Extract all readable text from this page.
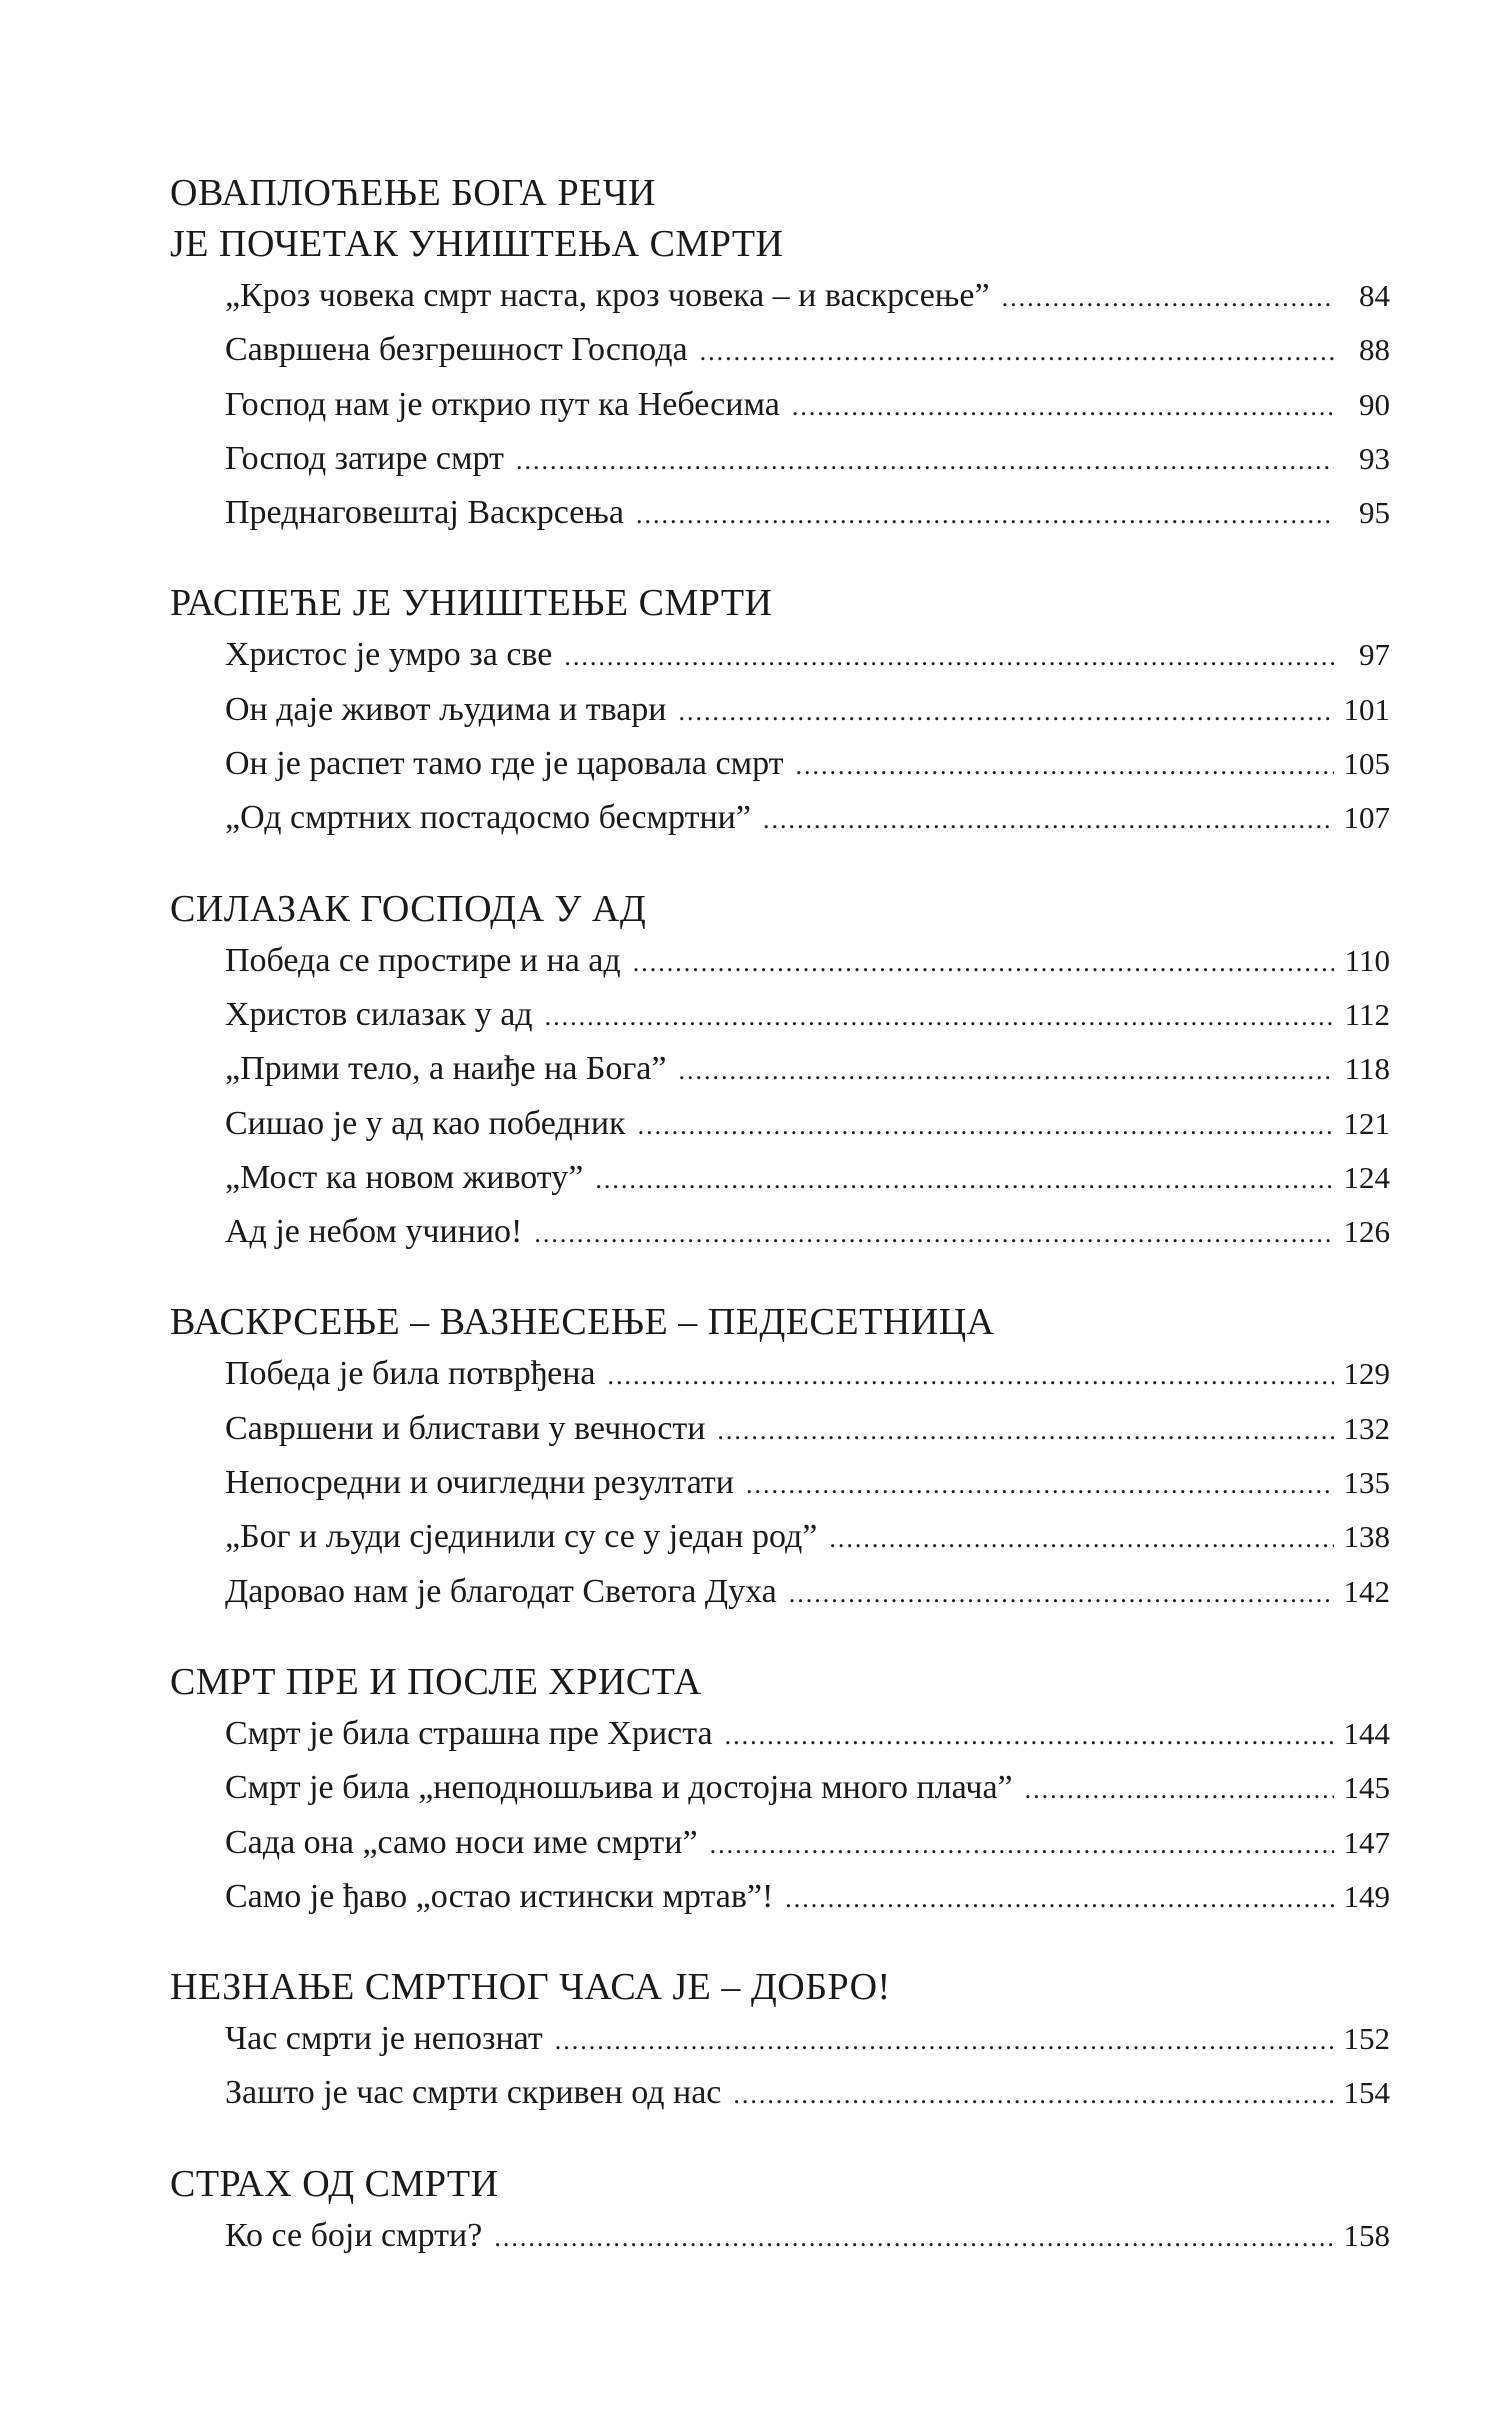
ОВАПЛОЋЕЊЕ БОГА РЕЧИ
ЈЕ ПОЧЕТАК УНИШТЕЊА СМРТИ
„Кроз човека смрт наста, кроз човека – и васкрсење” .....	84
Савршена безгрешност Господа .....	88
Господ нам је открио пут ка Небесима .....	90
Господ затире смрт .....	93
Преднаговештај Васкрсења .....	95
РАСПЕЋЕ ЈЕ УНИШТЕЊЕ СМРТИ
Христос је умро за све .....	97
Он даје живот људима и твари .....	101
Он је распет тамо где је царовала смрт .....	105
„Од смртних постадосмо бесмртни” .....	107
СИЛАЗАК ГОСПОДА У АД
Победа се простире и на ад .....	110
Христов силазак у ад .....	112
„Прими тело, а наиђе на Бога” .....	118
Сишао је у ад као победник .....	121
„Мост ка новом животу” .....	124
Ад је небом учинио! .....	126
ВАСКРСЕЊЕ – ВАЗНЕСЕЊЕ – ПЕДЕСЕТНИЦА
Победа је била потврђена .....	129
Савршени и блистави у вечности .....	132
Непосредни и очигледни резултати .....	135
„Бог и људи сјединили су се у један род” .....	138
Даровао нам је благодат Светога Духа .....	142
СМРТ ПРЕ И ПОСЛЕ ХРИСТА
Смрт је била страшна пре Христа .....	144
Смрт је била „неподношљива и достојна много плача” .....	145
Сада она „само носи име смрти” .....	147
Само је ђаво „остао истински мртав”! .....	149
НЕЗНАЊЕ СМРТНОГ ЧАСА ЈЕ – ДОБРО!
Час смрти је непознат .....	152
Зашто је час смрти скривен од нас .....	154
СТРАХ ОД СМРТИ
Ко се боји смрти? .....	158
